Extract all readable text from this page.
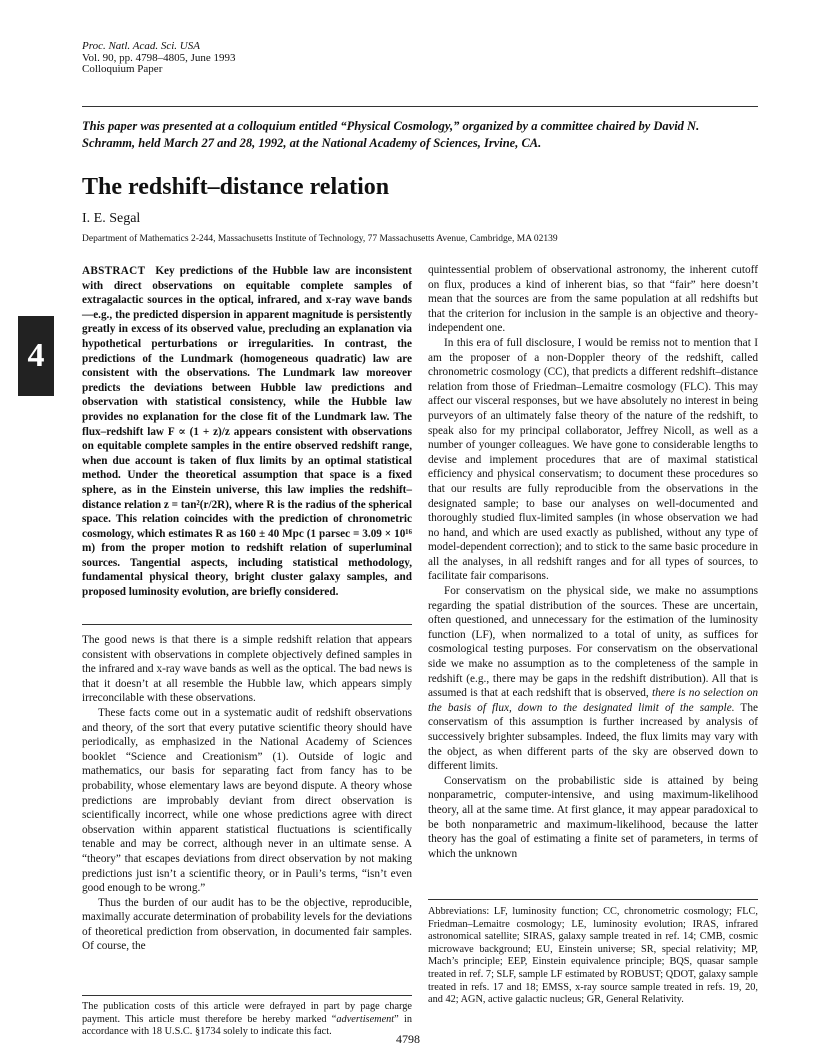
Proc. Natl. Acad. Sci. USA
Vol. 90, pp. 4798–4805, June 1993
Colloquium Paper
This paper was presented at a colloquium entitled “Physical Cosmology,” organized by a committee chaired by David N. Schramm, held March 27 and 28, 1992, at the National Academy of Sciences, Irvine, CA.
The redshift–distance relation
I. E. Segal
Department of Mathematics 2-244, Massachusetts Institute of Technology, 77 Massachusetts Avenue, Cambridge, MA 02139
4
ABSTRACT Key predictions of the Hubble law are inconsistent with direct observations on equitable complete samples of extragalactic sources in the optical, infrared, and x-ray wave bands—e.g., the predicted dispersion in apparent magnitude is persistently greatly in excess of its observed value, precluding an explanation via hypothetical perturbations or irregularities. In contrast, the predictions of the Lundmark (homogeneous quadratic) law are consistent with the observations. The Lundmark law moreover predicts the deviations between Hubble law predictions and observation with statistical consistency, while the Hubble law provides no explanation for the close fit of the Lundmark law. The flux–redshift law F ∝ (1 + z)/z appears consistent with observations on equitable complete samples in the entire observed redshift range, when due account is taken of flux limits by an optimal statistical method. Under the theoretical assumption that space is a fixed sphere, as in the Einstein universe, this law implies the redshift–distance relation z = tan²(r/2R), where R is the radius of the spherical space. This relation coincides with the prediction of chronometric cosmology, which estimates R as 160 ± 40 Mpc (1 parsec = 3.09 × 10¹⁶ m) from the proper motion to redshift relation of superluminal sources. Tangential aspects, including statistical methodology, fundamental physical theory, bright cluster galaxy samples, and proposed luminosity evolution, are briefly considered.

The good news is that there is a simple redshift relation that appears consistent with observations in complete objectively defined samples in the infrared and x-ray wave bands as well as the optical. The bad news is that it doesn’t at all resemble the Hubble law, which appears simply irreconcilable with these observations.

These facts come out in a systematic audit of redshift observations and theory, of the sort that every putative scientific theory should have periodically, as emphasized in the National Academy of Sciences booklet “Science and Creationism” (1). Outside of logic and mathematics, our basis for separating fact from fancy has to be probability, whose elementary laws are beyond dispute. A theory whose predictions are improbably deviant from direct observation is scientifically incorrect, while one whose predictions agree with direct observation within apparent statistical fluctuations is scientifically tenable and may be correct, although never in an ultimate sense. A “theory” that escapes deviations from direct observation by not making predictions just isn’t a scientific theory, or in Pauli’s terms, “isn’t even good enough to be wrong.”

Thus the burden of our audit has to be the objective, reproducible, maximally accurate determination of probability levels for the deviations of theoretical prediction from observation, in documented fair samples. Of course, the

quintessential problem of observational astronomy, the inherent cutoff on flux, produces a kind of inherent bias, so that “fair” here doesn’t mean that the sources are from the same population at all redshifts but that the criterion for inclusion in the sample is an objective and theory-independent one.

In this era of full disclosure, I would be remiss not to mention that I am the proposer of a non-Doppler theory of the redshift, called chronometric cosmology (CC), that predicts a different redshift–distance relation from those of Friedman–Lemaitre cosmology (FLC). This may affect our visceral responses, but we have absolutely no interest in being purveyors of an ultimately false theory of the nature of the redshift, to speak also for my principal collaborator, Jeffrey Nicoll, as well as a number of younger colleagues. We have gone to considerable lengths to devise and implement procedures that are of maximal statistical efficiency and physical conservatism; to document these procedures so that our results are fully reproducible from the observations in the designated sample; to base our analyses on well-documented and thoroughly studied flux-limited samples (in whose observation we had no hand, and which are used exactly as published, without any type of model-dependent correction); and to stick to the same basic procedure in all the analyses, in all redshift ranges and for all types of sources, to facilitate fair comparisons.

For conservatism on the physical side, we make no assumptions regarding the spatial distribution of the sources. These are uncertain, often questioned, and unnecessary for the estimation of the luminosity function (LF), when normalized to a total of unity, as suffices for cosmological testing purposes. For conservatism on the observational side we make no assumption as to the completeness of the sample in redshift (e.g., there may be gaps in the redshift distribution). All that is assumed is that at each redshift that is observed, there is no selection on the basis of flux, down to the designated limit of the sample. The conservatism of this assumption is further increased by analysis of successively brighter subsamples. Indeed, the flux limits may vary with the object, as when different parts of the sky are observed down to different limits.

Conservatism on the probabilistic side is attained by being nonparametric, computer-intensive, and using maximum-likelihood theory, all at the same time. At first glance, it may appear paradoxical to be both nonparametric and maximum-likelihood, because the latter theory has the goal of estimating a finite set of parameters, in terms of which the unknown

Abbreviations: LF, luminosity function; CC, chronometric cosmology; FLC, Friedman–Lemaitre cosmology; LE, luminosity evolution; IRAS, infrared astronomical satellite; SIRAS, galaxy sample treated in ref. 14; CMB, cosmic microwave background; EU, Einstein universe; SR, special relativity; MP, Mach’s principle; EEP, Einstein equivalence principle; BQS, quasar sample treated in ref. 7; SLF, sample LF estimated by ROBUST; QDOT, galaxy sample treated in refs. 17 and 18; EMSS, x-ray source sample treated in refs. 19, 20, and 42; AGN, active galactic nucleus; GR, General Relativity.
The publication costs of this article were defrayed in part by page charge payment. This article must therefore be hereby marked “advertisement” in accordance with 18 U.S.C. §1734 solely to indicate this fact.
4798
